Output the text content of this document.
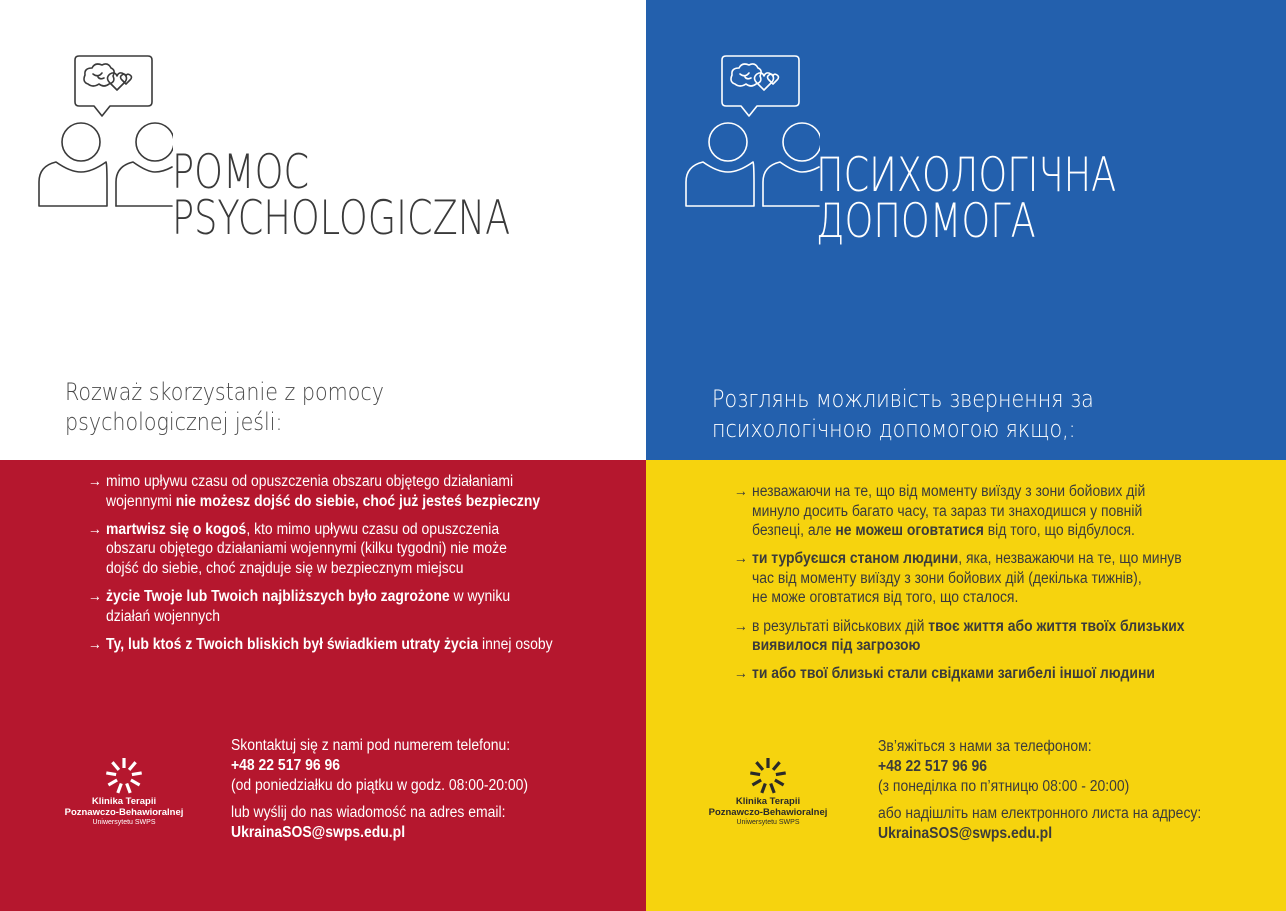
POMOC
PSYCHOLOGICZNA

Rozważ skorzystanie z pomocy
psychologicznej jeśli:

ПСИХОЛОГІЧНА
ДОПОМОГА

Розглянь можливість звернення за
психологічною допомогою якщо,:

→ mimo upływu czasu od opuszczenia obszaru objętego działaniami
wojennymi nie możesz dojść do siebie, choć już jesteś bezpieczny
→ martwisz się o kogoś, kto mimo upływu czasu od opuszczenia
obszaru objętego działaniami wojennymi (kilku tygodni) nie może
dojść do siebie, choć znajduje się w bezpiecznym miejscu
→ życie Twoje lub Twoich najbliższych było zagrożone w wyniku
działań wojennych
→ Ty, lub ktoś z Twoich bliskich był świadkiem utraty życia innej osoby
Klinika Terapii
Poznawczo-Behawioralnej
Uniwersytetu SWPS
Skontaktuj się z nami pod numerem telefonu:
+48 22 517 96 96
(od poniedziałku do piątku w godz. 08:00-20:00)
lub wyślij do nas wiadomość na adres email:
UkrainaSOS@swps.edu.pl
→ незважаючи на те, що від моменту виїзду з зони бойових дій
минуло досить багато часу, та зараз ти знаходишся у повній
безпеці, але не можеш оговтатися від того, що відбулося.
→ ти турбуєшся станом людини, яка, незважаючи на те, що минув
час від моменту виїзду з зони бойових дій (декілька тижнів),
не може оговтатися від того, що сталося.
→ в результаті військових дій твоє життя або життя твоїх близьких
виявилося під загрозою
→ ти або твої близькі стали свідками загибелі іншої людини
Klinika Terapii
Poznawczo-Behawioralnej
Uniwersytetu SWPS
Зв’яжіться з нами за телефоном:
+48 22 517 96 96
(з понеділка по п’ятницю 08:00 - 20:00)
або надішліть нам електронного листа на адресу:
UkrainaSOS@swps.edu.pl
